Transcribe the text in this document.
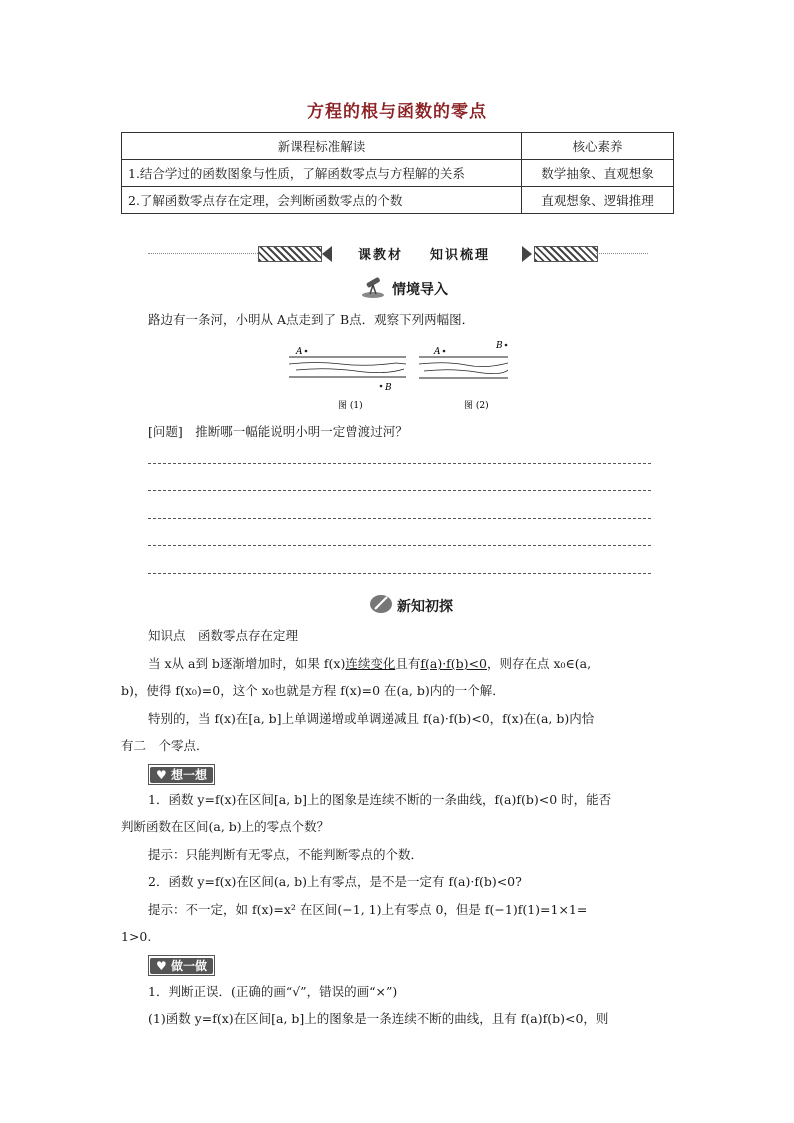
方程的根与函数的零点
新课程标准解读	核心素养
1.结合学过的函数图象与性质，了解函数零点与方程解的关系	数学抽象、直观想象
2.了解函数零点存在定理，会判断函数零点的个数	直观想象、逻辑推理
课教材 知识梳理
情境导入
路边有一条河，小明从 A点走到了 B点．观察下列两幅图．
A
B
图 (1)
A
B
图 (2)
[问题]　推断哪一幅能说明小明一定曾渡过河？
新知初探
知识点　函数零点存在定理
当 x从 a到 b逐渐增加时，如果 f(x)连续变化且有f(a)·f(b)<0，则存在点 x₀∈(a,
b)，使得 f(x₀)=0，这个 x₀也就是方程 f(x)=0 在(a, b)内的一个解．
特别的，当 f(x)在[a, b]上单调递增或单调递减且 f(a)·f(b)<0，f(x)在(a, b)内恰
有二　个零点．
♥ 想一想
1．函数 y=f(x)在区间[a, b]上的图象是连续不断的一条曲线，f(a)f(b)<0 时，能否
判断函数在区间(a, b)上的零点个数？
提示：只能判断有无零点，不能判断零点的个数．
2．函数 y=f(x)在区间(a, b)上有零点，是不是一定有 f(a)·f(b)<0?
提示：不一定，如 f(x)=x² 在区间(−1, 1)上有零点 0，但是 f(−1)f(1)=1×1=
1>0.
♥ 做一做
1．判断正误．(正确的画“√”，错误的画“×”)
(1)函数 y=f(x)在区间[a, b]上的图象是一条连续不断的曲线，且有 f(a)f(b)<0，则
